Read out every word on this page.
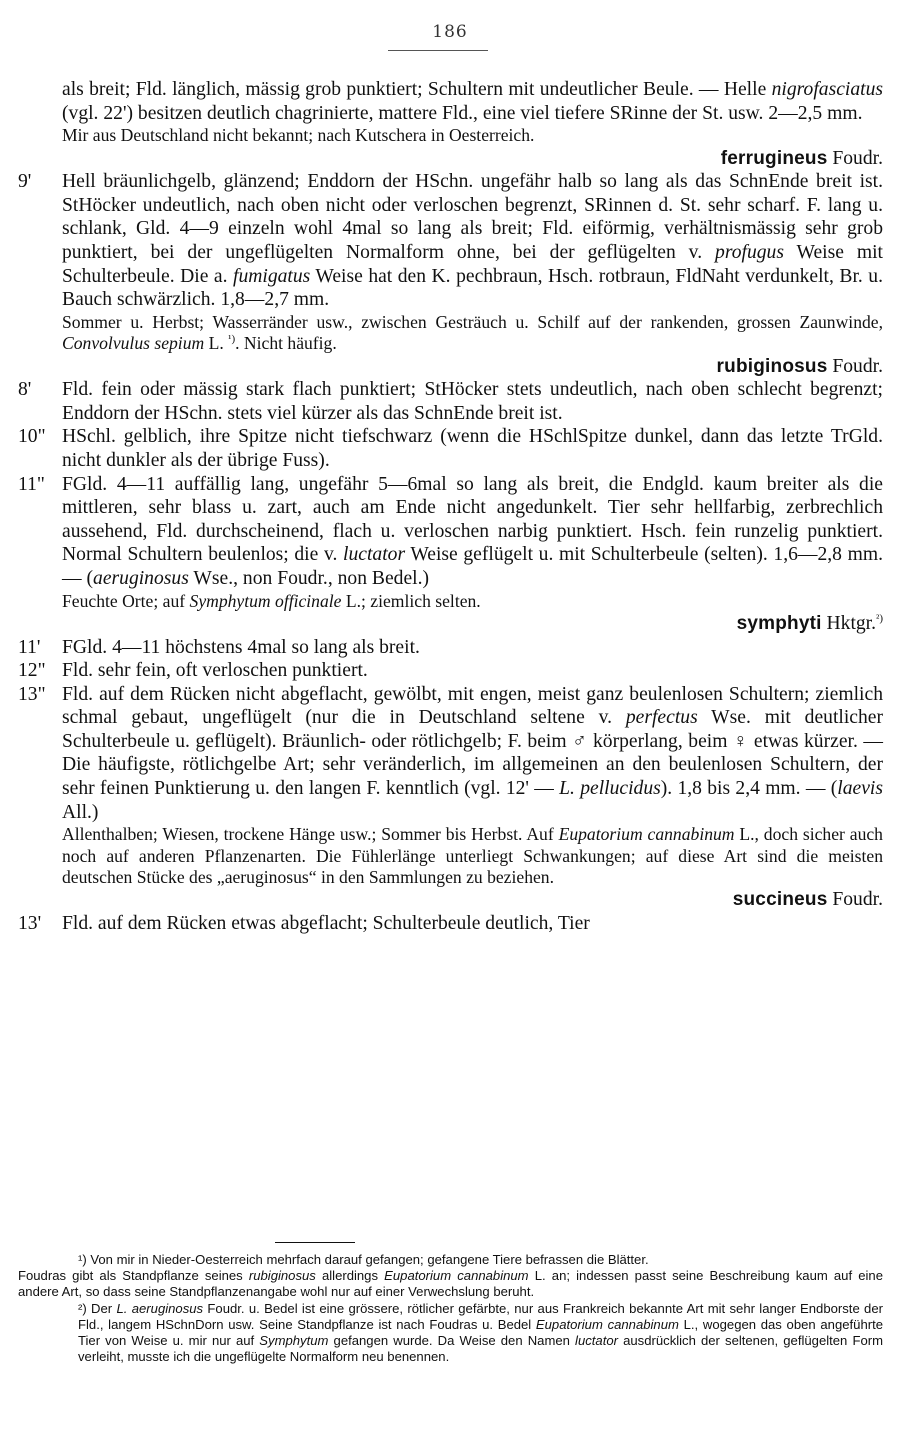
186

als breit; Fld. länglich, mässig grob punktiert; Schultern mit undeutlicher Beule. — Helle nigrofasciatus (vgl. 22') besitzen deutlich chagrinierte, mattere Fld., eine viel tiefere SRinne der St. usw. 2—2,5 mm.

Mir aus Deutschland nicht bekannt; nach Kutschera in Oesterreich.

ferrugineus Foudr.

9' Hell bräunlichgelb, glänzend; Enddorn der HSchn. ungefähr halb so lang als das SchnEnde breit ist. StHöcker undeutlich, nach oben nicht oder verloschen begrenzt, SRinnen d. St. sehr scharf. F. lang u. schlank, Gld. 4—9 einzeln wohl 4mal so lang als breit; Fld. eiförmig, verhältnismässig sehr grob punktiert, bei der ungeflügelten Normalform ohne, bei der geflügelten v. profugus Weise mit Schulterbeule. Die a. fumigatus Weise hat den K. pechbraun, Hsch. rotbraun, FldNaht verdunkelt, Br. u. Bauch schwärzlich. 1,8—2,7 mm.

Sommer u. Herbst; Wasserränder usw., zwischen Gesträuch u. Schilf auf der rankenden, grossen Zaunwinde, Convolvulus sepium L. $^{^1)}$. Nicht häufig.

rubiginosus Foudr.

8' Fld. fein oder mässig stark flach punktiert; StHöcker stets undeutlich, nach oben schlecht begrenzt; Enddorn der HSchn. stets viel kürzer als das SchnEnde breit ist.
10" HSchl. gelblich, ihre Spitze nicht tiefschwarz (wenn die HSchlSpitze dunkel, dann das letzte TrGld. nicht dunkler als der übrige Fuss).
11" FGld. 4—11 auffällig lang, ungefähr 5—6mal so lang als breit, die Endgld. kaum breiter als die mittleren, sehr blass u. zart, auch am Ende nicht angedunkelt. Tier sehr hellfarbig, zerbrechlich aussehend, Fld. durchscheinend, flach u. verloschen narbig punktiert. Hsch. fein runzelig punktiert. Normal Schultern beulenlos; die v. luctator Weise geflügelt u. mit Schulterbeule (selten). 1,6—2,8 mm. — (aeruginosus Wse., non Foudr., non Bedel.)

Feuchte Orte; auf Symphytum officinale L.; ziemlich selten.

symphyti Hktgr.$^{^2)}$

11' FGld. 4—11 höchstens 4mal so lang als breit.
12" Fld. sehr fein, oft verloschen punktiert.
13" Fld. auf dem Rücken nicht abgeflacht, gewölbt, mit engen, meist ganz beulenlosen Schultern; ziemlich schmal gebaut, ungeflügelt (nur die in Deutschland seltene v. perfectus Wse. mit deutlicher Schulterbeule u. geflügelt). Bräunlich- oder rötlichgelb; F. beim ♂ körperlang, beim ♀ etwas kürzer. — Die häufigste, rötlichgelbe Art; sehr veränderlich, im allgemeinen an den beulenlosen Schultern, der sehr feinen Punktierung u. den langen F. kenntlich (vgl. 12' — L. pellucidus). 1,8 bis 2,4 mm. — (laevis All.)

Allenthalben; Wiesen, trockene Hänge usw.; Sommer bis Herbst. Auf Eupatorium cannabinum L., doch sicher auch noch auf anderen Pflanzenarten. Die Fühlerlänge unterliegt Schwankungen; auf diese Art sind die meisten deutschen Stücke des „aeruginosus“ in den Sammlungen zu beziehen.

succineus Foudr.

13' Fld. auf dem Rücken etwas abgeflacht; Schulterbeule deutlich, Tier

¹) Von mir in Nieder-Oesterreich mehrfach darauf gefangen; gefangene Tiere befrassen die Blätter.

Foudras gibt als Standpflanze seines rubiginosus allerdings Eupatorium cannabinum L. an; indessen passt seine Beschreibung kaum auf eine andere Art, so dass seine Standpflanzenangabe wohl nur auf einer Verwechslung beruht.

²) Der L. aeruginosus Foudr. u. Bedel ist eine grössere, rötlicher gefärbte, nur aus Frankreich bekannte Art mit sehr langer Endborste der Fld., langem HSchnDorn usw. Seine Standpflanze ist nach Foudras u. Bedel Eupatorium cannabinum L., wogegen das oben angeführte Tier von Weise u. mir nur auf Symphytum gefangen wurde. Da Weise den Namen luctator ausdrücklich der seltenen, geflügelten Form verleiht, musste ich die ungeflügelte Normalform neu benennen.
